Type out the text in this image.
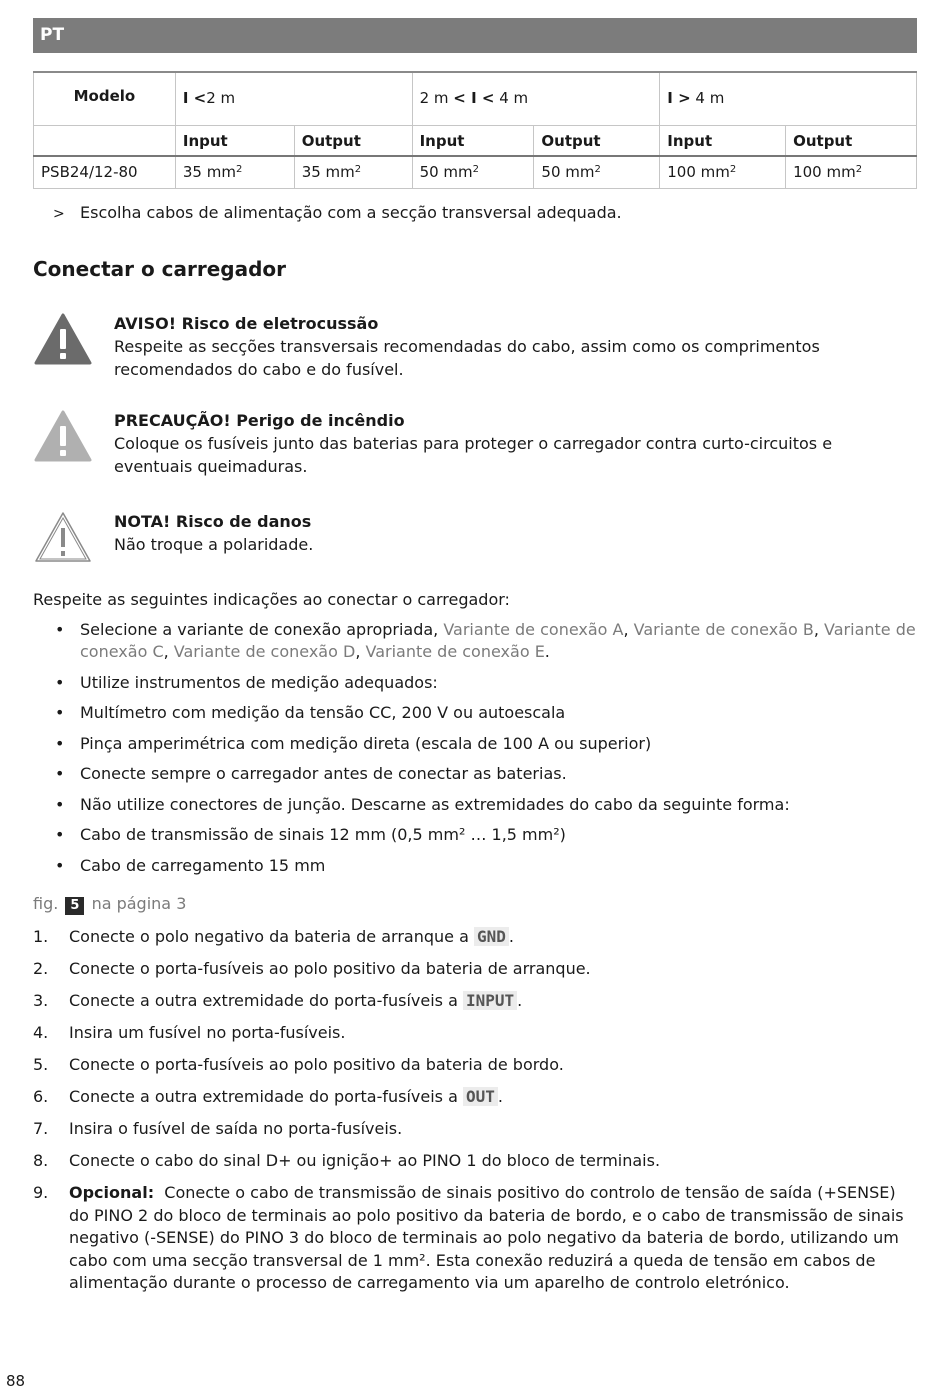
PT
Modelo	I <2 m		2 m < I < 4 m		I > 4 m	
	Input	Output	Input	Output	Input	Output
PSB24/12-80	35 $mm^2$	35 $mm^2$	50 $mm^2$	50 $mm^2$	100 $mm^2$	100 $mm^2$
> Escolha cabos de alimentação com a secção transversal adequada.
Conectar o carregador
AVISO! Risco de eletrocussão
Respeite as secções transversais recomendadas do cabo, assim como os comprimentos recomendados do cabo e do fusível.
PRECAUÇÃO! Perigo de incêndio
Coloque os fusíveis junto das baterias para proteger o carregador contra curto-circuitos e eventuais queimaduras.
NOTA! Risco de danos
Não troque a polaridade.
Respeite as seguintes indicações ao conectar o carregador:
• Selecione a variante de conexão apropriada, Variante de conexão A, Variante de conexão B, Variante de conexão C, Variante de conexão D, Variante de conexão E.
• Utilize instrumentos de medição adequados:
• Multímetro com medição da tensão CC, 200 V ou autoescala
• Pinça amperimétrica com medição direta (escala de 100 A ou superior)
• Conecte sempre o carregador antes de conectar as baterias.
• Não utilize conectores de junção. Descarne as extremidades do cabo da seguinte forma:
• Cabo de transmissão de sinais 12 mm (0,5 mm² … 1,5 mm²)
• Cabo de carregamento 15 mm
fig. 5 na página 3
1. Conecte o polo negativo da bateria de arranque a GND .
2. Conecte o porta-fusíveis ao polo positivo da bateria de arranque.
3. Conecte a outra extremidade do porta-fusíveis a INPUT .
4. Insira um fusível no porta-fusíveis.
5. Conecte o porta-fusíveis ao polo positivo da bateria de bordo.
6. Conecte a outra extremidade do porta-fusíveis a OUT .
7. Insira o fusível de saída no porta-fusíveis.
8. Conecte o cabo do sinal D+ ou ignição+ ao PINO 1 do bloco de terminais.
9. Opcional: Conecte o cabo de transmissão de sinais positivo do controlo de tensão de saída (+SENSE) do PINO 2 do bloco de terminais ao polo positivo da bateria de bordo, e o cabo de transmissão de sinais negativo (-SENSE) do PINO 3 do bloco de terminais ao polo negativo da bateria de bordo, utilizando um cabo com uma secção transversal de 1 mm². Esta conexão reduzirá a queda de tensão em cabos de alimentação durante o processo de carregamento via um aparelho de controlo eletrónico.
88
